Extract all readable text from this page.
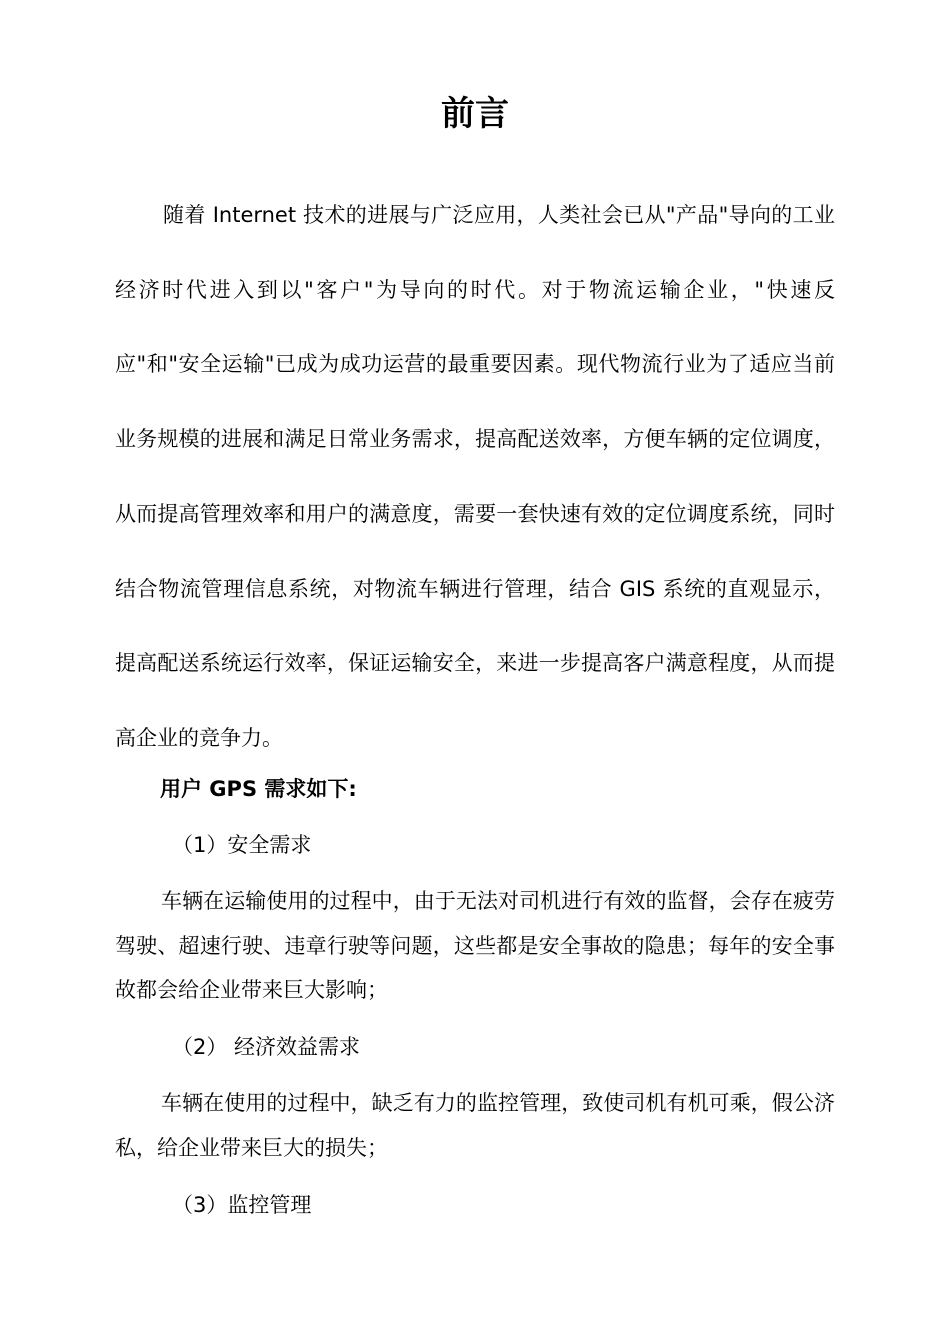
前言

随着 Internet 技术的进展与广泛应用，人类社会已从"产品"导向的工业经济时代进入到以"客户"为导向的时代。对于物流运输企业，"快速反应"和"安全运输"已成为成功运营的最重要因素。现代物流行业为了适应当前业务规模的进展和满足日常业务需求，提高配送效率，方便车辆的定位调度，从而提高管理效率和用户的满意度，需要一套快速有效的定位调度系统，同时结合物流管理信息系统，对物流车辆进行管理，结合 GIS 系统的直观显示，提高配送系统运行效率，保证运输安全，来进一步提高客户满意程度，从而提高企业的竞争力。

用户 GPS 需求如下:

（1）安全需求

车辆在运输使用的过程中，由于无法对司机进行有效的监督，会存在疲劳驾驶、超速行驶、违章行驶等问题，这些都是安全事故的隐患；每年的安全事故都会给企业带来巨大影响；

（2） 经济效益需求

车辆在使用的过程中，缺乏有力的监控管理，致使司机有机可乘，假公济私，给企业带来巨大的损失；

（3）监控管理
